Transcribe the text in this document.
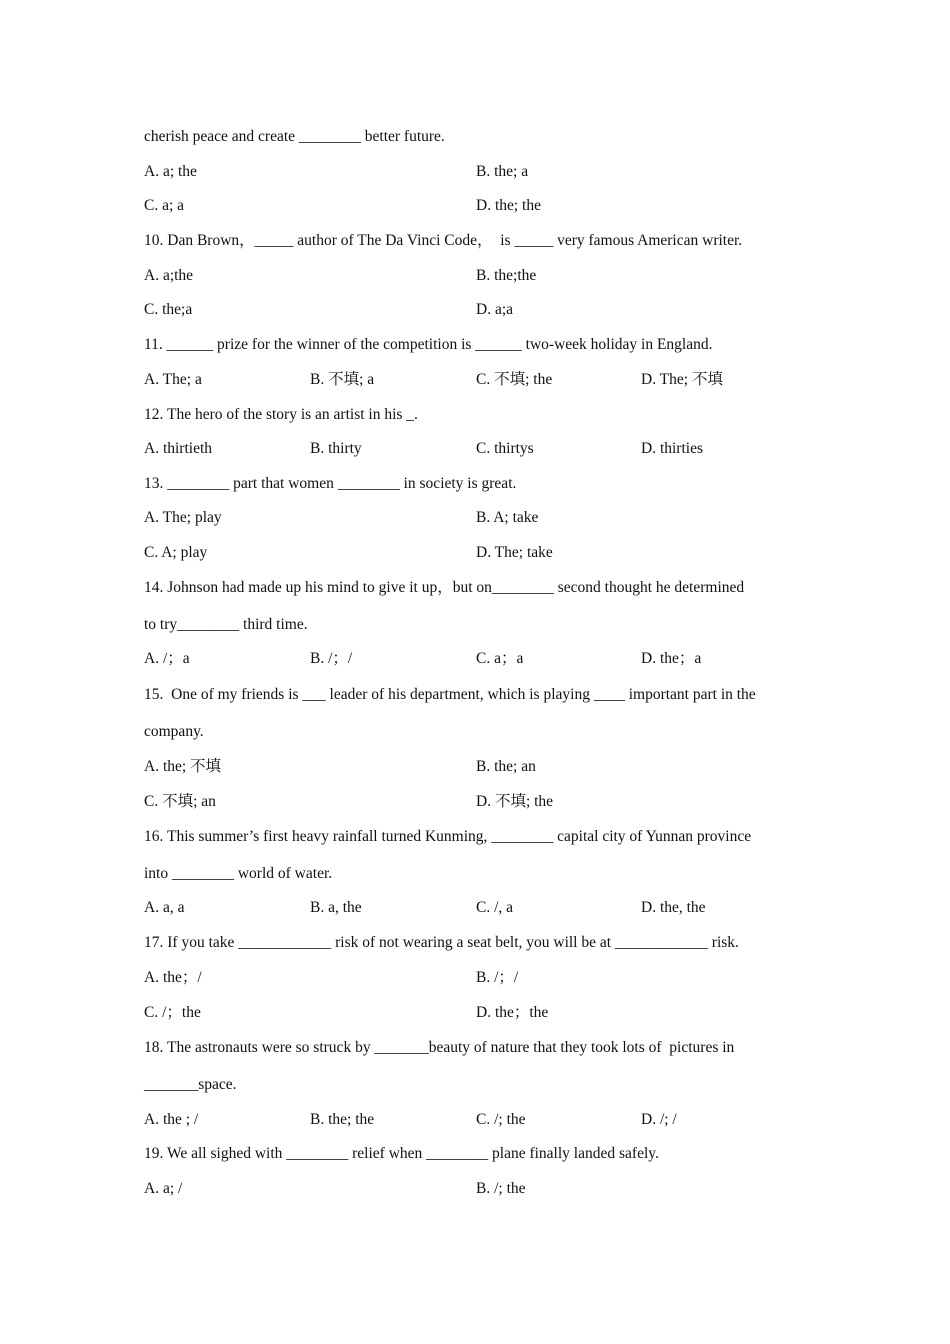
cherish peace and create ________ better future.
A. a; the	B. the; a
C. a; a	D. the; the
10. Dan Brown，_____ author of The Da Vinci Code，  is _____ very famous American writer.
A. a;the	B. the;the
C. the;a	D. a;a
11. ______ prize for the winner of the competition is ______ two-week holiday in England.
A. The; a	B. 不填; a	C. 不填; the	D. The; 不填
12. The hero of the story is an artist in his _.
A. thirtieth	B. thirty	C. thirtys	D. thirties
13. ________ part that women ________ in society is great.
A. The; play	B. A; take
C. A; play	D. The; take
14. Johnson had made up his mind to give it up，but on________ second thought he determined
to try________ third time.
A. /；a	B. /；/	C. a；a	D. the；a
15.  One of my friends is ___ leader of his department, which is playing ____ important part in the
company.
A. the; 不填	B. the; an
C. 不填; an	D. 不填; the
16. This summer’s first heavy rainfall turned Kunming, ________ capital city of Yunnan province
into ________ world of water.
A. a, a	B. a, the	C. /, a	D. the, the
17. If you take ____________ risk of not wearing a seat belt, you will be at ____________ risk.
A. the；/	B. /；/
C. /；the	D. the；the
18. The astronauts were so struck by _______beauty of nature that they took lots of  pictures in
_______space.
A. the ; /	B. the; the	C. /; the	D. /; /
19. We all sighed with ________ relief when ________ plane finally landed safely.
A. a; /	B. /; the
